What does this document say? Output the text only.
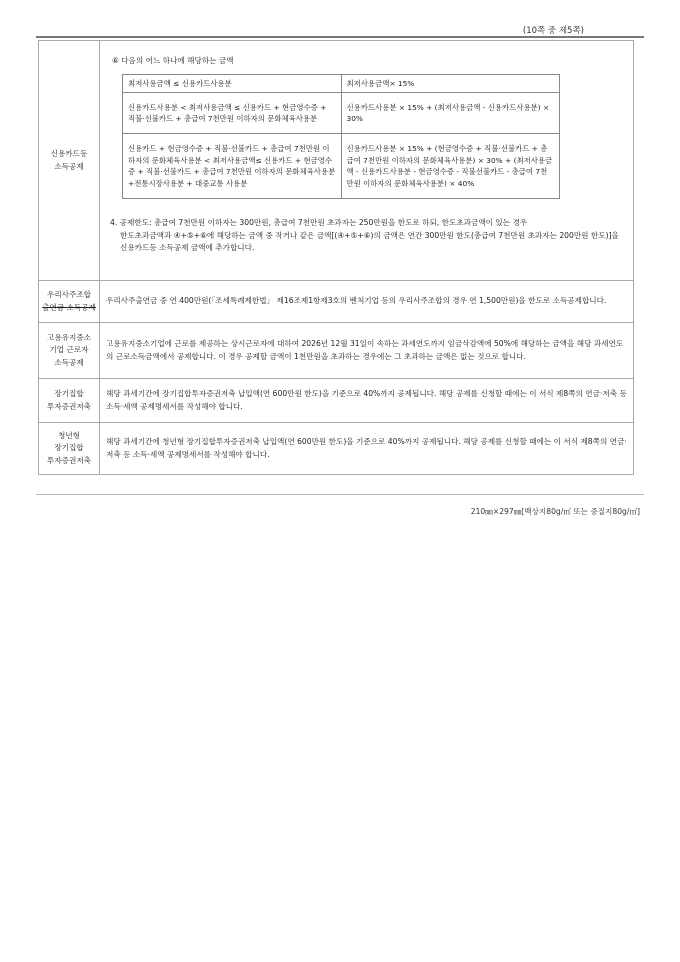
(10쪽 중 제5쪽)
신용카드등
소득공제

⑥ 다음의 어느 하나에 해당하는 금액
최저사용금액 ≤ 신용카드사용분	최저사용금액× 15%
신용카드사용분 < 최저사용금액 ≤ 신용카드 + 현금영수증 + 직불·선불카드 + 총급여 7천만원 이하자의 문화체육사용분	신용카드사용분 × 15% + (최저사용금액 - 신용카드사용분) × 30%
신용카드 + 현금영수증 + 직불·선불카드 + 총급여 7천만원 이하자의 문화체육사용분 < 최저사용금액≤ 신용카드 + 현금영수증 + 직불·선불카드 + 총급여 7천만원 이하자의 문화체육사용분 +전통시장사용분 + 대중교통 사용분	신용카드사용분 × 15% + (현금영수증 + 직불·선불카드 + 총급여 7천만원 이하자의 문화체육사용분) × 30% + (최저사용금액 - 신용카드사용분 - 현금영수증 - 직불선불카드 - 총급여 7천만원 이하자의 문화체육사용분) × 40%
4. 공제한도: 총급여 7천만원 이하자는 300만원, 총급여 7천만원 초과자는 250만원을 한도로 하되, 한도초과금액이 있는 경우
한도초과금액과 ④+⑤+⑥에 해당하는 금액 중 작거나 같은 금액[(④+⑤+⑥)의 금액은 연간 300만원 한도(총급여 7천만원 초과자는 200만원 한도)]을 신용카드등 소득공제 금액에 추가합니다.

우리사주조합
출연금 소득공제
	우리사주출연금 중 연 400만원(「조세특례제한법」 제16조제1항제3호의 벤처기업 등의 우리사주조합의 경우 연 1,500만원)을 한도로 소득공제합니다.

고용유지중소
기업 근로자
소득공제
	고용유지중소기업에 근로를 제공하는 상시근로자에 대하여 2026년 12월 31일이 속하는 과세연도까지 임금삭감액에 50%에 해당하는 금액을 해당 과세연도의 근로소득금액에서 공제합니다. 이 경우 공제할 금액이 1천만원을 초과하는 경우에는 그 초과하는 금액은 없는 것으로 합니다.

장기집합
투자증권저축
	해당 과세기간에 장기집합투자증권저축 납입액(연 600만원 한도)을 기준으로 40%까지 공제됩니다. 해당 공제를 신청할 때에는 이 서식 제8쪽의 연금·저축 등 소득·세액 공제명세서를 작성해야 합니다.

청년형
장기집합
투자증권저축
	해당 과세기간에 청년형 장기집합투자증권저축 납입액(연 600만원 한도)을 기준으로 40%까지 공제됩니다. 해당 공제를 신청할 때에는 이 서식 제8쪽의 연금·저축 등 소득·세액 공제명세서를 작성해야 합니다.
210㎜×297㎜[백상지80g/㎡ 또는 중질지80g/㎡]
